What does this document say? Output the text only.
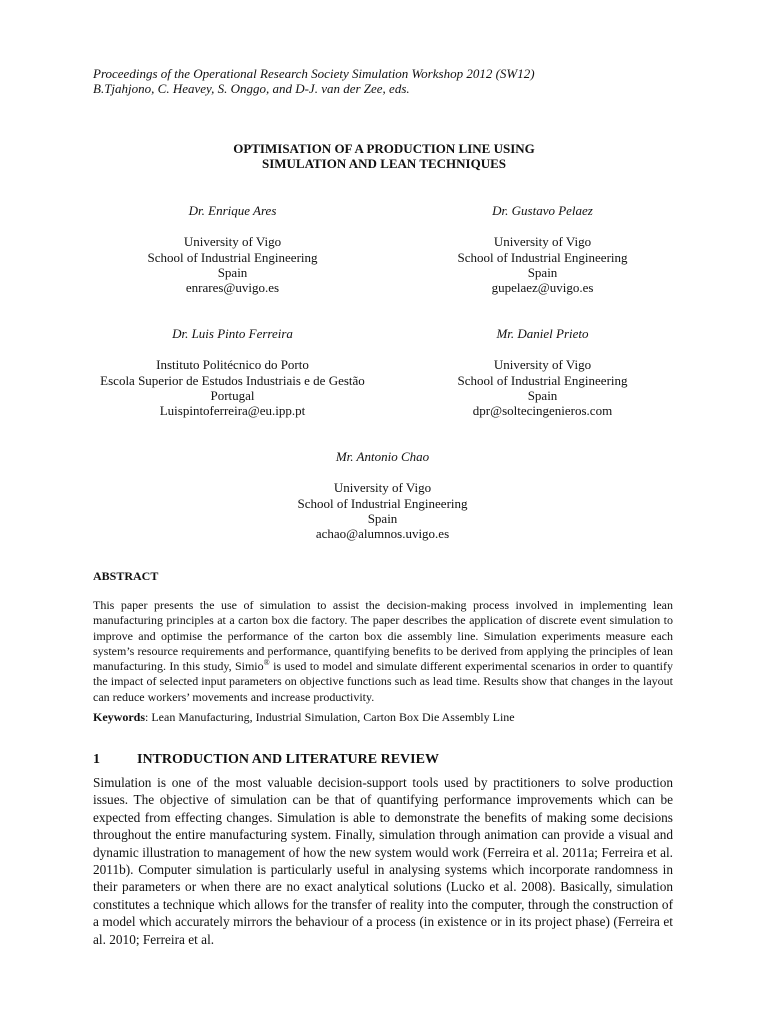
Proceedings of the Operational Research Society Simulation Workshop 2012 (SW12)
B.Tjahjono, C. Heavey, S. Onggo, and D-J. van der Zee, eds.
OPTIMISATION OF A PRODUCTION LINE USING
SIMULATION AND LEAN TECHNIQUES
Dr. Enrique Ares
University of Vigo
School of Industrial Engineering
Spain
enrares@uvigo.es
Dr. Gustavo Pelaez
University of Vigo
School of Industrial Engineering
Spain
gupelaez@uvigo.es
Dr. Luis Pinto Ferreira
Instituto Politécnico do Porto
Escola Superior de Estudos Industriais e de Gestão
Portugal
Luispintoferreira@eu.ipp.pt
Mr. Daniel Prieto
University of Vigo
School of Industrial Engineering
Spain
dpr@soltecingenieros.com
Mr. Antonio Chao
University of Vigo
School of Industrial Engineering
Spain
achao@alumnos.uvigo.es
ABSTRACT
This paper presents the use of simulation to assist the decision-making process involved in implementing lean manufacturing principles at a carton box die factory. The paper describes the application of discrete event simulation to improve and optimise the performance of the carton box die assembly line. Simulation experiments measure each system’s resource requirements and performance, quantifying benefits to be derived from applying the principles of lean manufacturing. In this study, Simio® is used to model and simulate different experimental scenarios in order to quantify the impact of selected input parameters on objective functions such as lead time. Results show that changes in the layout can reduce workers’ movements and increase productivity.
Keywords: Lean Manufacturing, Industrial Simulation, Carton Box Die Assembly Line
1	INTRODUCTION AND LITERATURE REVIEW
Simulation is one of the most valuable decision-support tools used by practitioners to solve production issues. The objective of simulation can be that of quantifying performance improvements which can be expected from effecting changes. Simulation is able to demonstrate the benefits of making some decisions throughout the entire manufacturing system. Finally, simulation through animation can provide a visual and dynamic illustration to management of how the new system would work (Ferreira et al. 2011a; Ferreira et al. 2011b). Computer simulation is particularly useful in analysing systems which incorporate randomness in their parameters or when there are no exact analytical solutions (Lucko et al. 2008). Basically, simulation constitutes a technique which allows for the transfer of reality into the computer, through the construction of a model which accurately mirrors the behaviour of a process (in existence or in its project phase) (Ferreira et al. 2010; Ferreira et al.
